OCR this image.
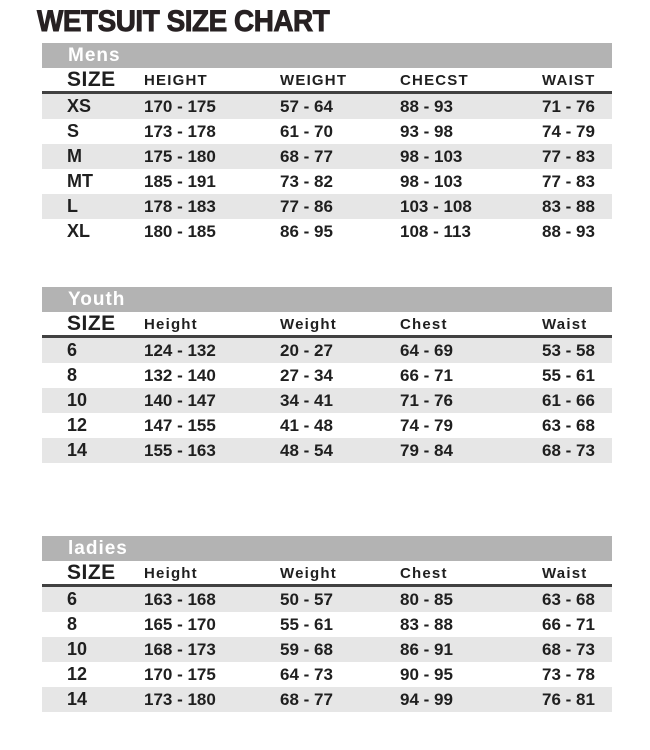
WETSUIT SIZE CHART
Mens
SIZE	HEIGHT	WEIGHT	CHECST	WAIST
XS	170 - 175	57 - 64	88 - 93	71 - 76
S	173 - 178	61 - 70	93 - 98	74 - 79
M	175 - 180	68 - 77	98 - 103	77 - 83
MT	185 - 191	73 - 82	98 - 103	77 - 83
L	178 - 183	77 - 86	103 - 108	83 - 88
XL	180 - 185	86 - 95	108 - 113	88 - 93
Youth
SIZE	Height	Weight	Chest	Waist
6	124 - 132	20 - 27	64 - 69	53 - 58
8	132 - 140	27 - 34	66 - 71	55 - 61
10	140 - 147	34 - 41	71 - 76	61 - 66
12	147 - 155	41 - 48	74 - 79	63 - 68
14	155 - 163	48 - 54	79 - 84	68 - 73
ladies
SIZE	Height	Weight	Chest	Waist
6	163 - 168	50 - 57	80 - 85	63 - 68
8	165 - 170	55 - 61	83 - 88	66 - 71
10	168 - 173	59 - 68	86 - 91	68 - 73
12	170 - 175	64 - 73	90 - 95	73 - 78
14	173 - 180	68 - 77	94 - 99	76 - 81
